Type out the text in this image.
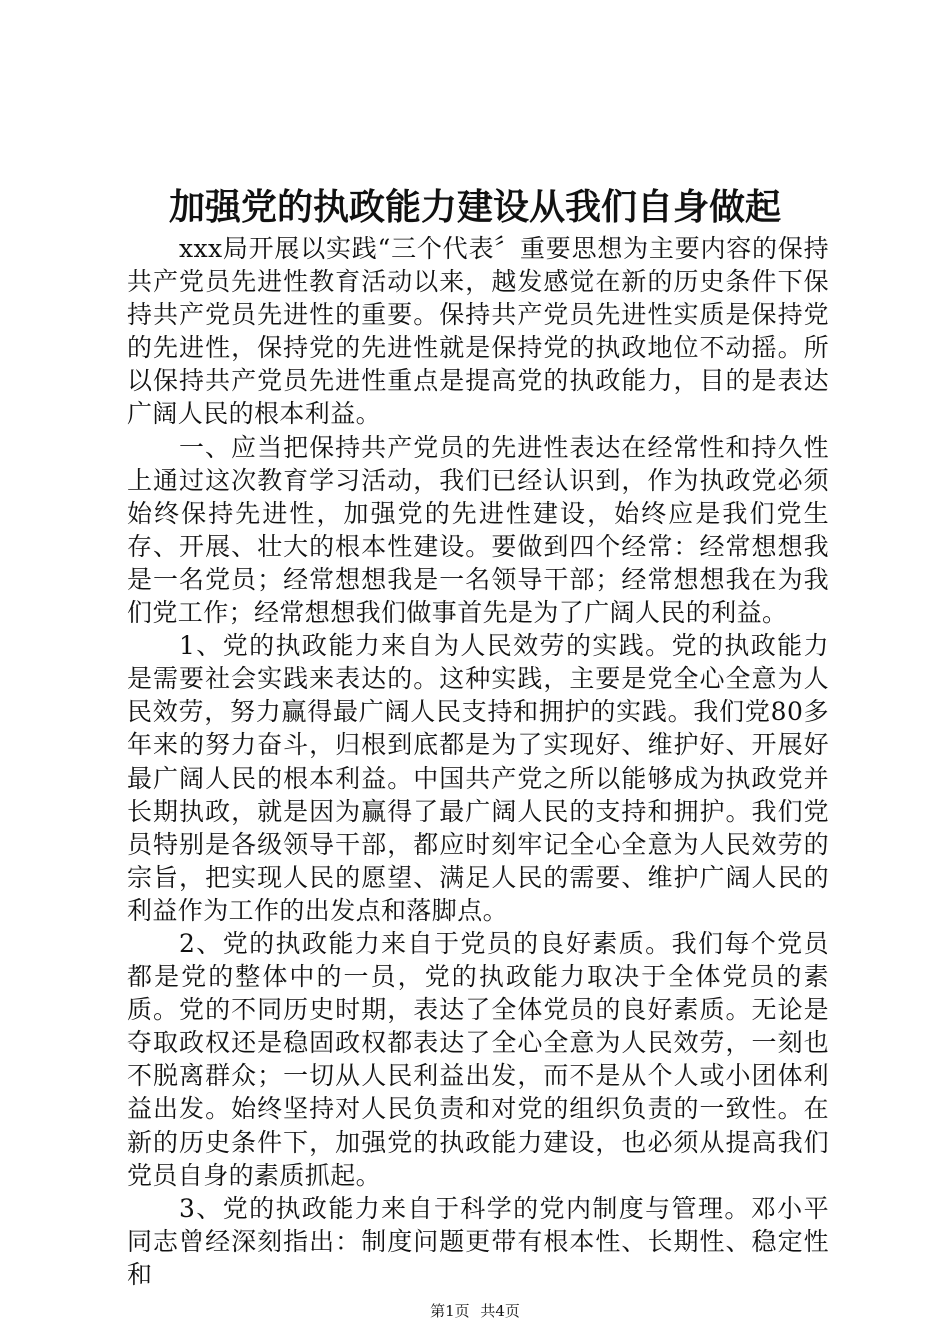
加强党的执政能力建设从我们自身做起

xxx局开展以实践“三个代表〞重要思想为主要内容的保持共产党员先进性教育活动以来，越发感觉在新的历史条件下保持共产党员先进性的重要。保持共产党员先进性实质是保持党的先进性，保持党的先进性就是保持党的执政地位不动摇。所以保持共产党员先进性重点是提高党的执政能力，目的是表达广阔人民的根本利益。

一、应当把保持共产党员的先进性表达在经常性和持久性上通过这次教育学习活动，我们已经认识到，作为执政党必须始终保持先进性，加强党的先进性建设，始终应是我们党生存、开展、壮大的根本性建设。要做到四个经常：经常想想我是一名党员；经常想想我是一名领导干部；经常想想我在为我们党工作；经常想想我们做事首先是为了广阔人民的利益。

1、党的执政能力来自为人民效劳的实践。党的执政能力是需要社会实践来表达的。这种实践，主要是党全心全意为人民效劳，努力赢得最广阔人民支持和拥护的实践。我们党80多年来的努力奋斗，归根到底都是为了实现好、维护好、开展好最广阔人民的根本利益。中国共产党之所以能够成为执政党并长期执政，就是因为赢得了最广阔人民的支持和拥护。我们党员特别是各级领导干部，都应时刻牢记全心全意为人民效劳的宗旨，把实现人民的愿望、满足人民的需要、维护广阔人民的利益作为工作的出发点和落脚点。

2、党的执政能力来自于党员的良好素质。我们每个党员都是党的整体中的一员，党的执政能力取决于全体党员的素质。党的不同历史时期，表达了全体党员的良好素质。无论是夺取政权还是稳固政权都表达了全心全意为人民效劳，一刻也不脱离群众；一切从人民利益出发，而不是从个人或小团体利益出发。始终坚持对人民负责和对党的组织负责的一致性。在新的历史条件下，加强党的执政能力建设，也必须从提高我们党员自身的素质抓起。

3、党的执政能力来自于科学的党内制度与管理。邓小平同志曾经深刻指出：制度问题更带有根本性、长期性、稳定性和

第1页 共4页
